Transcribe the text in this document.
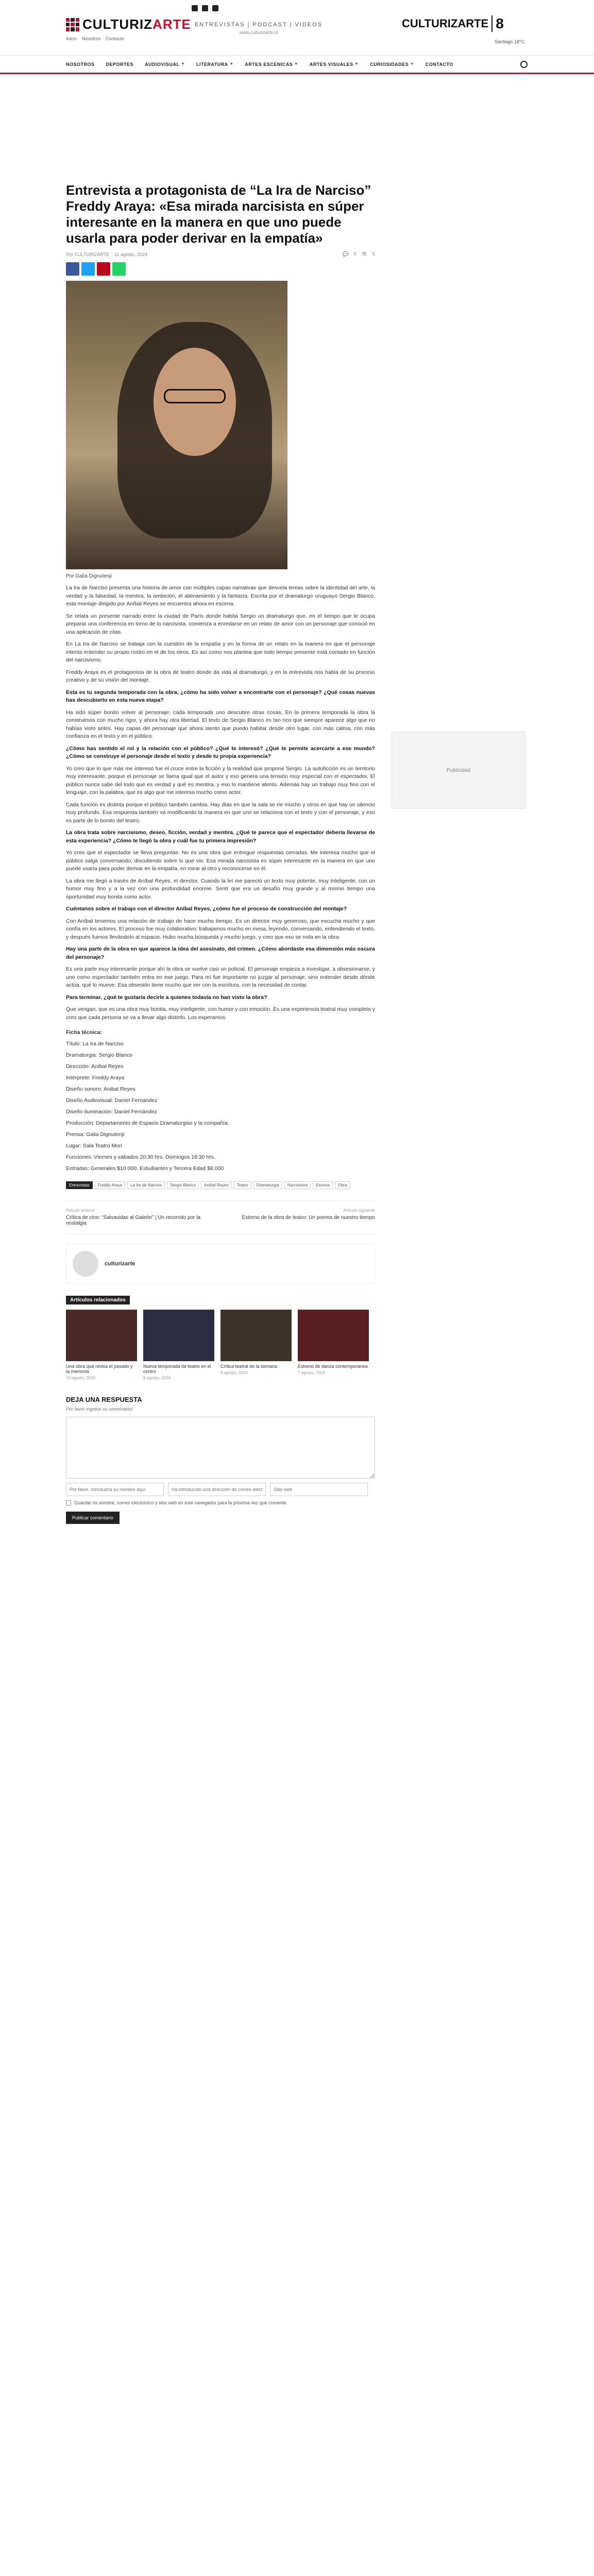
CULTURIZARTE
Inicio Nosotros Contacto
ENTREVISTAS | PODCAST | VIDEOS
www.culturizarte.cl
CULTURIZARTE 8
Santiago 18°C
NOSOTROS DEPORTES AUDIOVISUAL ▼ LITERATURA ▼ ARTES ESCENICAS ▼ ARTES VISUALES ▼ CURIOSIDADES ▼ CONTACTO
Entrevista a protagonista de “La Ira de Narciso” Freddy Araya: «Esa mirada narcisista en súper interesante en la manera en que uno puede usarla para poder derivar en la empatía»
Por CULTURIZARTE 11 agosto, 2024	💬 0 👁 5
Por Galia Dignutenji

La Ira de Narciso presenta una historia de amor con múltiples capas narrativas que desvela temas sobre la identidad del arte, la verdad y la falsedad, la mentira, la ambición, el alienamiento y la fantasía. Escrita por el dramaturgo uruguayo Sergio Blanco, esta montaje dirigido por Aníbal Reyes se encuentra ahora en escena.

Se relata un presente narrado entre la ciudad de París donde habita Sergio un dramaturgo que, en el tiempo que le ocupa preparar una conferencia en torno de lo narcisista, comienza a enredarse en un relato de amor con un personaje que conoció en una aplicación de citas.

En La Ira de Narciso se trabaja con la cuestión de la empatía y en la forma de un relato en la manera en que el personaje intenta entender su propio rostro en el de los otros. Es así como nos plantea que todo tiempo presente está contado en función del narcisismo.

Freddy Araya es el protagonista de la obra de teatro donde da vida al dramaturgo, y en la entrevista nos habla de su proceso creativo y de su visión del montaje.

Esta es tu segunda temporada con la obra, ¿cómo ha sido volver a encontrarte con el personaje? ¿Qué cosas nuevas has descubierto en esta nueva etapa?

Ha sido súper bonito volver al personaje; cada temporada uno descubre otras cosas. En la primera temporada la obra la construimos con mucho rigor, y ahora hay otra libertad. El texto de Sergio Blanco es tan rico que siempre aparece algo que no habías visto antes. Hay capas del personaje que ahora siento que puedo habitar desde otro lugar, con más calma, con más confianza en el texto y en el público.

¿Cómo has sentido el rol y la relación con el público? ¿Qué te interesó? ¿Qué te permite acercarte a ese mundo? ¿Cómo se construye el personaje desde el texto y desde tu propia experiencia?

Yo creo que lo que más me interesó fue el cruce entre la ficción y la realidad que propone Sergio. La autoficción es un territorio muy interesante, porque el personaje se llama igual que el autor y eso genera una tensión muy especial con el espectador. El público nunca sabe del todo qué es verdad y qué es mentira, y eso lo mantiene atento. Además hay un trabajo muy fino con el lenguaje, con la palabra, que es algo que me interesa mucho como actor.

Cada función es distinta porque el público también cambia. Hay días en que la sala se ríe mucho y otros en que hay un silencio muy profundo. Esa respuesta también va modificando la manera en que uno se relaciona con el texto y con el personaje, y eso es parte de lo bonito del teatro.

La obra trata sobre narcisismo, deseo, ficción, verdad y mentira. ¿Qué te parece que el espectador debería llevarse de esta experiencia? ¿Cómo te llegó la obra y cuál fue tu primera impresión?

Yo creo que el espectador se lleva preguntas. No es una obra que entregue respuestas cerradas. Me interesa mucho que el público salga conversando, discutiendo sobre lo que vio. Esa mirada narcisista es súper interesante en la manera en que uno puede usarla para poder derivar en la empatía, en mirar al otro y reconocerse en él.

La obra me llegó a través de Aníbal Reyes, el director. Cuando la leí me pareció un texto muy potente, muy inteligente, con un humor muy fino y a la vez con una profundidad enorme. Sentí que era un desafío muy grande y al mismo tiempo una oportunidad muy bonita como actor.

Cuéntanos sobre el trabajo con el director Aníbal Reyes, ¿cómo fue el proceso de construcción del montaje?

Con Aníbal tenemos una relación de trabajo de hace mucho tiempo. Es un director muy generoso, que escucha mucho y que confía en los actores. El proceso fue muy colaborativo; trabajamos mucho en mesa, leyendo, conversando, entendiendo el texto, y después fuimos llevándolo al espacio. Hubo mucha búsqueda y mucho juego, y creo que eso se nota en la obra.

Hay una parte de la obra en que aparece la idea del asesinato, del crimen. ¿Cómo abordaste esa dimensión más oscura del personaje?

Es una parte muy interesante porque ahí la obra se vuelve casi un policial. El personaje empieza a investigar, a obsesionarse, y uno como espectador también entra en ese juego. Para mí fue importante no juzgar al personaje, sino entender desde dónde actúa, qué lo mueve. Esa obsesión tiene mucho que ver con la escritura, con la necesidad de contar.

Para terminar, ¿qué te gustaría decirle a quienes todavía no han visto la obra?

Que vengan, que es una obra muy bonita, muy inteligente, con humor y con emoción. Es una experiencia teatral muy completa y creo que cada persona se va a llevar algo distinto. Los esperamos.

Ficha técnica:

Título: La Ira de Narciso

Dramaturgia: Sergio Blanco

Dirección: Aníbal Reyes

Intérprete: Freddy Araya

Diseño sonoro: Anibal Reyes

Diseño Audiovisual: Daniel Fernández

Diseño iluminación: Daniel Fernández

Producción: Departamento de Espacio Dramaturgias y la compañía.

Prensa: Galia Dignutenji

Lugar: Sala Teatro Mori

Funciones: Viernes y sábados 20:30 hrs. Domingos 19:30 hrs.

Entradas: Generales $10.000. Estudiantes y Tercera Edad $8.000

Entrevistas	Freddy Araya	La Ira de Narciso	Sergio Blanco	Aníbal Reyes	Teatro	Dramaturgia	Narcisismo	Escena	Obra
Artículo anterior
Crítica de cine: “Salvavidas al Galeón” | Un recorrido por la nostalgia
Artículo siguiente
Estreno de la obra de teatro: Un poema de nuestro tiempo
culturizarte
Artículos relacionados
Una obra que revisa el pasado y la memoria
10 agosto, 2024
Nueva temporada de teatro en el centro
9 agosto, 2024
Crítica teatral de la semana
8 agosto, 2024
Estreno de danza contemporánea
7 agosto, 2024
DEJA UNA RESPUESTA
Por favor ingrese su comentario!
Por favor, introduzca su nombre aquí
Ha introducido una dirección de correo electrónico incorrecta!
Sitio web
Guardar mi nombre, correo electrónico y sitio web en este navegador para la próxima vez que comente.
Publicar comentario
Publicidad
